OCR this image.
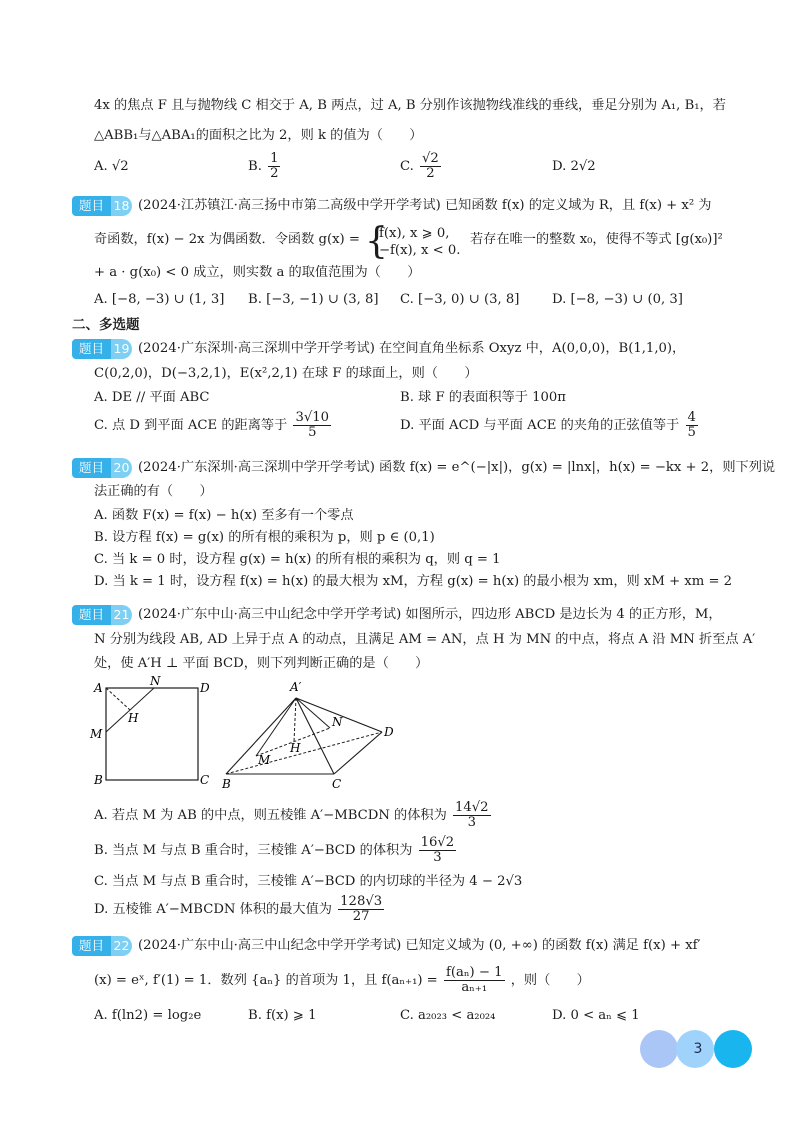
4x 的焦点 F 且与抛物线 C 相交于 A, B 两点，过 A, B 分别作该抛物线准线的垂线，垂足分别为 A₁, B₁，若
△ABB₁与△ABA₁的面积之比为 2，则 k 的值为（　　）
A. √2	B. $\frac{1}{2}$	C. $\frac{√2}{2}$	D. 2√2
题目 18 (2024·江苏镇江·高三扬中市第二高级中学开学考试) 已知函数 f(x) 的定义域为 R，且 f(x) + x² 为
奇函数，f(x) − 2x 为偶函数．令函数 g(x) = {
f(x), x ⩾ 0,
−f(x), x < 0.
若存在唯一的整数 x₀，使得不等式 [g(x₀)]²
+ a · g(x₀) < 0 成立，则实数 a 的取值范围为（　　）
A. [−8, −3) ∪ (1, 3] B. [−3, −1) ∪ (3, 8] C. [−3, 0) ∪ (3, 8] D. [−8, −3) ∪ (0, 3]
二、多选题
题目 19 (2024·广东深圳·高三深圳中学开学考试) 在空间直角坐标系 Oxyz 中，A(0,0,0)，B(1,1,0)，
C(0,2,0)，D(−3,2,1)，E(x²,2,1) 在球 F 的球面上，则（　　）
A. DE // 平面 ABC	B. 球 F 的表面积等于 100π
C. 点 D 到平面 ACE 的距离等于 $\frac{3√10}{5}$	D. 平面 ACD 与平面 ACE 的夹角的正弦值等于 $\frac{4}{5}$
题目 20 (2024·广东深圳·高三深圳中学开学考试) 函数 f(x) = e^(−|x|)，g(x) = |lnx|，h(x) = −kx + 2，则下列说
法正确的有（　　）
A. 函数 F(x) = f(x) − h(x) 至多有一个零点
B. 设方程 f(x) = g(x) 的所有根的乘积为 p，则 p ∈ (0,1)
C. 当 k = 0 时，设方程 g(x) = h(x) 的所有根的乘积为 q，则 q = 1
D. 当 k = 1 时，设方程 f(x) = h(x) 的最大根为 xM，方程 g(x) = h(x) 的最小根为 xm，则 xM + xm = 2
题目 21 (2024·广东中山·高三中山纪念中学开学考试) 如图所示，四边形 ABCD 是边长为 4 的正方形，M，
N 分别为线段 AB, AD 上异于点 A 的动点，且满足 AM = AN，点 H 为 MN 的中点，将点 A 沿 MN 折至点 A′
处，使 A′H ⊥ 平面 BCD，则下列判断正确的是（　　）
A	N	D
M
H
B	C
A′
N
D
M
H
B	C
A. 若点 M 为 AB 的中点，则五棱锥 A′−MBCDN 的体积为 $\frac{14√2}{3}$
B. 当点 M 与点 B 重合时，三棱锥 A′−BCD 的体积为 $\frac{16√2}{3}$
C. 当点 M 与点 B 重合时，三棱锥 A′−BCD 的内切球的半径为 4 − 2√3
D. 五棱锥 A′−MBCDN 体积的最大值为 $\frac{128√3}{27}$
题目 22 (2024·广东中山·高三中山纪念中学开学考试) 已知定义域为 (0, +∞) 的函数 f(x) 满足 f(x) + xf′
(x) = eˣ, f′(1) = 1．数列 {aₙ} 的首项为 1，且 $f(a_{n+1}) = \frac{\text{f(aₙ) − 1}}{\text{aₙ₊₁}}$ ，则（　　）
A. f(ln2) = log₂e	B. f(x) ⩾ 1	C. a₂₀₂₃ < a₂₀₂₄	D. 0 < aₙ ⩽ 1
3
